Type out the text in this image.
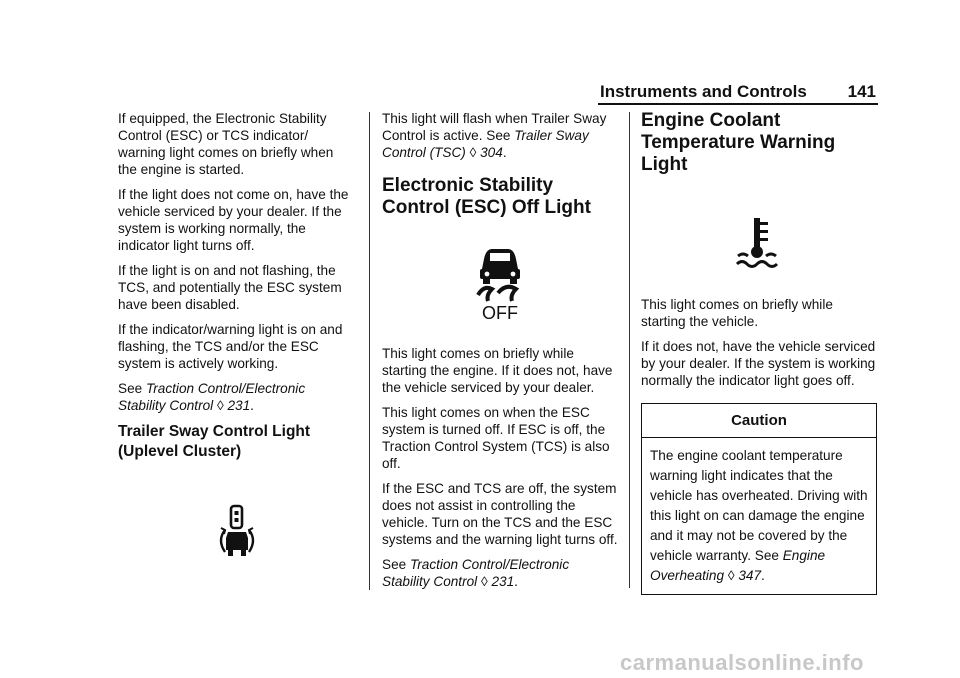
Instruments and Controls 141

If equipped, the Electronic Stability Control (ESC) or TCS indicator/ warning light comes on briefly when the engine is started.

If the light does not come on, have the vehicle serviced by your dealer. If the system is working normally, the indicator light turns off.

If the light is on and not flashing, the TCS, and potentially the ESC system have been disabled.

If the indicator/warning light is on and flashing, the TCS and/or the ESC system is actively working.

See Traction Control/Electronic Stability Control ◊ 231.

Trailer Sway Control Light (Uplevel Cluster)

This light will flash when Trailer Sway Control is active. See Trailer Sway Control (TSC) ◊ 304.

Electronic Stability Control (ESC) Off Light
OFF

This light comes on briefly while starting the engine. If it does not, have the vehicle serviced by your dealer.

This light comes on when the ESC system is turned off. If ESC is off, the Traction Control System (TCS) is also off.

If the ESC and TCS are off, the system does not assist in controlling the vehicle. Turn on the TCS and the ESC systems and the warning light turns off.

See Traction Control/Electronic Stability Control ◊ 231.

Engine Coolant Temperature Warning Light

This light comes on briefly while starting the vehicle.

If it does not, have the vehicle serviced by your dealer. If the system is working normally the indicator light goes off.

Caution

The engine coolant temperature warning light indicates that the vehicle has overheated. Driving with this light on can damage the engine and it may not be covered by the vehicle warranty. See Engine Overheating ◊ 347.

carmanualsonline.info
